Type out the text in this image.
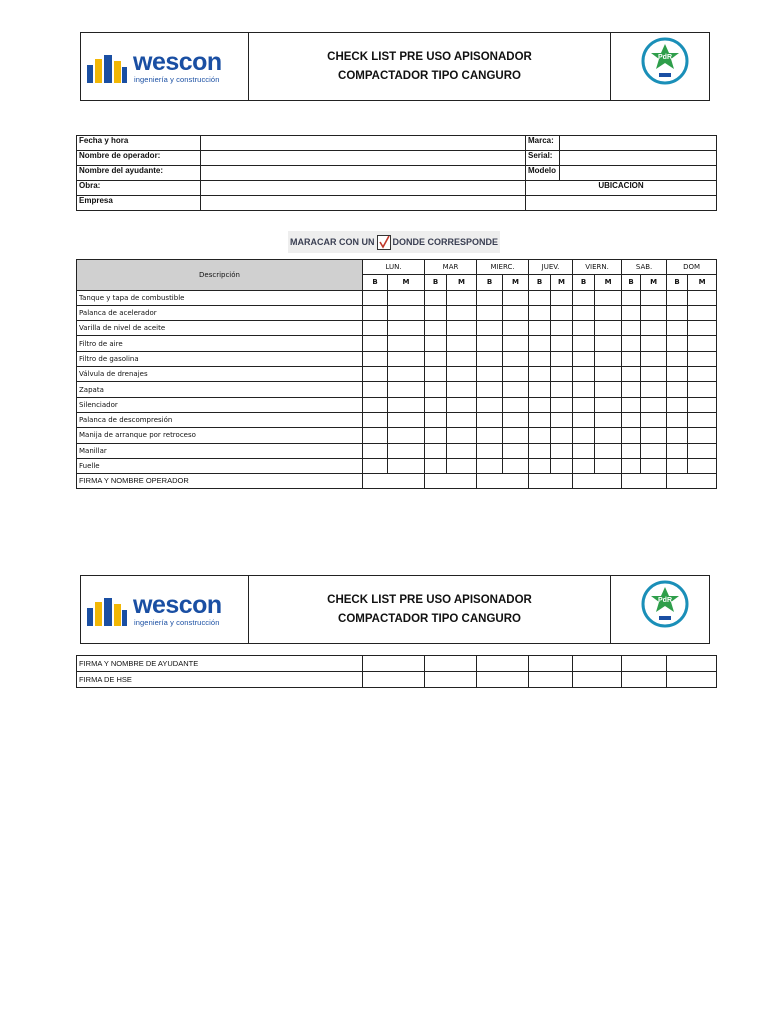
wescon
ingeniería y construcción
CHECK LIST PRE USO APISONADOR
COMPACTADOR TIPO CANGURO
PdR
Fecha y hora		Marca:	
Nombre de operador:		Serial:	
Nombre del ayudante:		Modelo	
Obra:		UBICACION	
Empresa			
MARACAR CON UN DONDE CORRESPONDE
Descripción	LUN.		MAR		MIERC.		JUEV.		VIERN.		SAB.		DOM	
	B	M	B	M	B	M	B	M	B	M	B	M	B	M
Tanque y tapa de combustible														
Palanca de acelerador														
Varilla de nivel de aceite														
Filtro de aire														
Filtro de gasolina														
Válvula de drenajes														
Zapata														
Silenciador														
Palanca de descompresión														
Manija de arranque por retroceso														
Manillar														
Fuelle														
FIRMA Y NOMBRE OPERADOR														
wescon
ingeniería y construcción
CHECK LIST PRE USO APISONADOR
COMPACTADOR TIPO CANGURO
PdR
FIRMA Y NOMBRE DE AYUDANTE							
FIRMA DE HSE							
